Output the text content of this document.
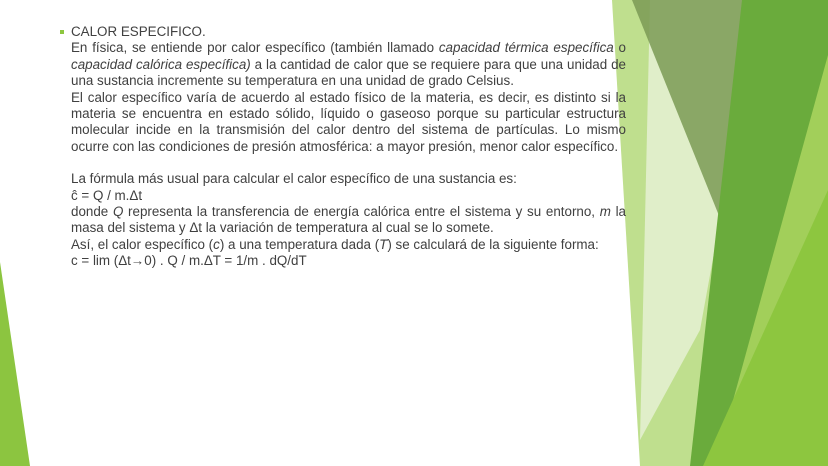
CALOR ESPECIFICO.

En física, se entiende por calor específico (también llamado capacidad térmica específica o capacidad calórica específica) a la cantidad de calor que se requiere para que una unidad de una sustancia incremente su temperatura en una unidad de grado Celsius.

El calor específico varía de acuerdo al estado físico de la materia, es decir, es distinto si la materia se encuentra en estado sólido, líquido o gaseoso porque su particular estructura molecular incide en la transmisión del calor dentro del sistema de partículas. Lo mismo ocurre con las condiciones de presión atmosférica: a mayor presión, menor calor específico.

La fórmula más usual para calcular el calor específico de una sustancia es:

ĉ = Q / m.Δt

donde Q representa la transferencia de energía calórica entre el sistema y su entorno, m la masa del sistema y Δt la variación de temperatura al cual se lo somete.

Así, el calor específico (c) a una temperatura dada (T) se calculará de la siguiente forma:

c = lim (Δt→0) . Q / m.ΔT = 1/m . dQ/dT
